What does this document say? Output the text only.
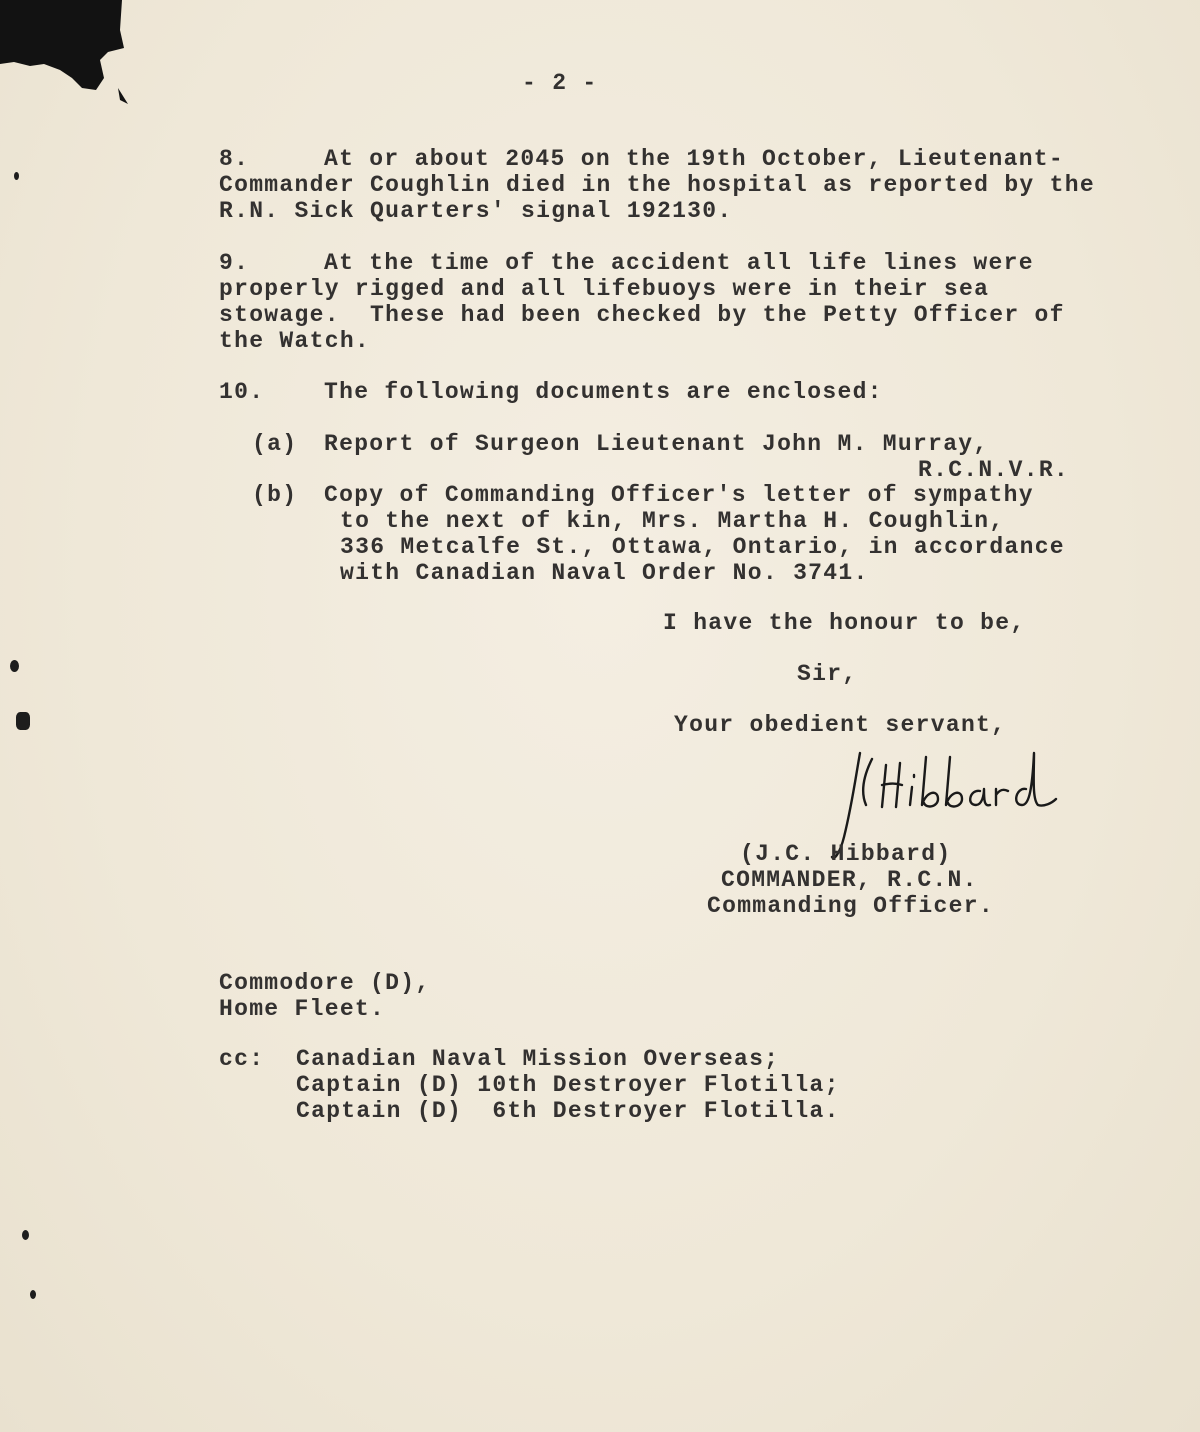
- 2 -
8.	At or about 2045 on the 19th October, Lieutenant-
Commander Coughlin died in the hospital as reported by the
R.N. Sick Quarters' signal 192130.
9.	At the time of the accident all life lines were
properly rigged and all lifebuoys were in their sea
stowage.  These had been checked by the Petty Officer of
the Watch.
10.	The following documents are enclosed:
(a) Report of Surgeon Lieutenant John M. Murray,
R.C.N.V.R.
(b) Copy of Commanding Officer's letter of sympathy
to the next of kin, Mrs. Martha H. Coughlin,
336 Metcalfe St., Ottawa, Ontario, in accordance
with Canadian Naval Order No. 3741.
I have the honour to be,
Sir,
Your obedient servant,
(J.C. Hibbard)
COMMANDER, R.C.N.
Commanding Officer.
Commodore (D),
Home Fleet.
cc: Canadian Naval Mission Overseas;
Captain (D) 10th Destroyer Flotilla;
Captain (D)  6th Destroyer Flotilla.
